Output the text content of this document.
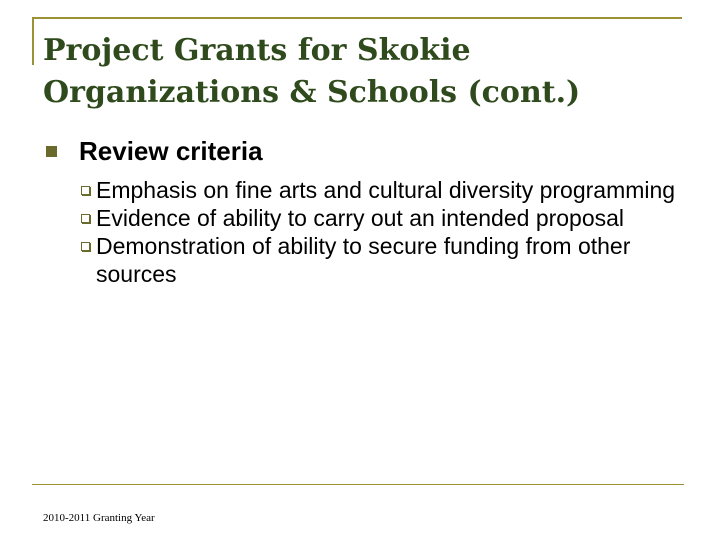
Project Grants for Skokie
Organizations & Schools (cont.)
Review criteria
Emphasis on fine arts and cultural diversity programming
Evidence of ability to carry out an intended proposal
Demonstration of ability to secure funding from other sources
2010-2011 Granting Year
